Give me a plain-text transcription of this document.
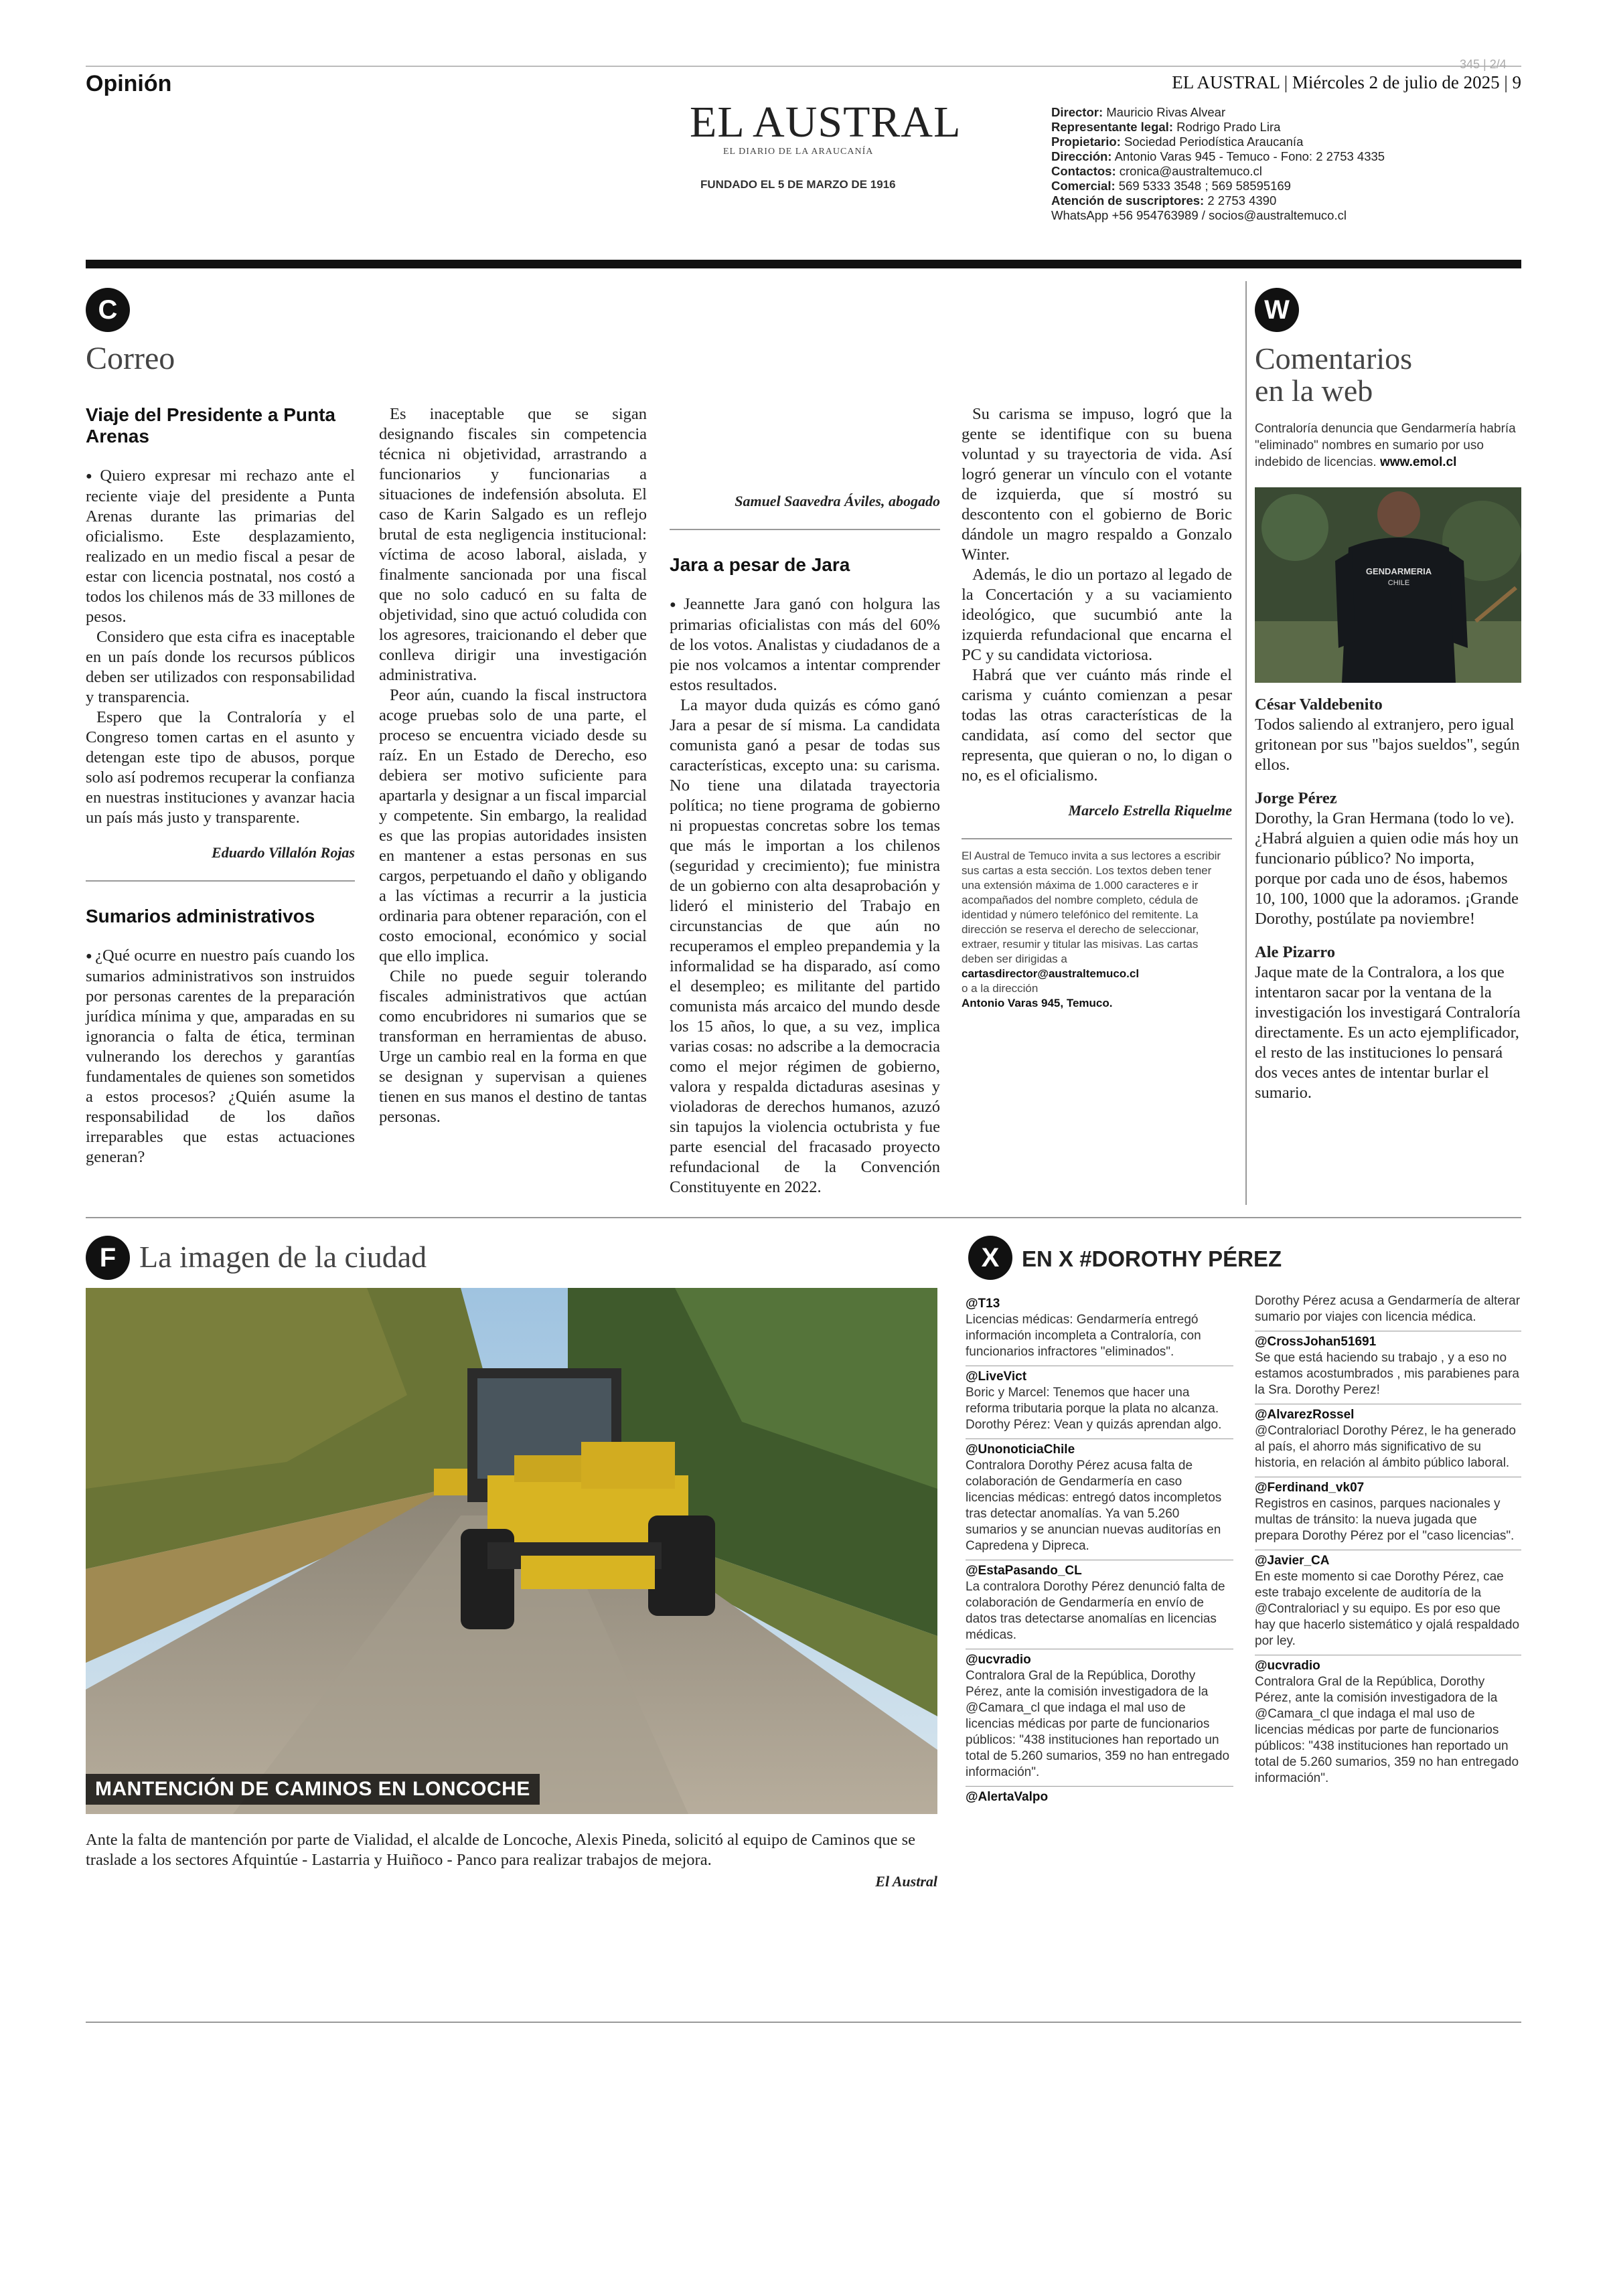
Opinión
345 | 2/4
EL AUSTRAL | Miércoles 2 de julio de 2025 | 9
EL AUSTRAL
EL DIARIO DE LA ARAUCANÍA
FUNDADO EL 5 DE MARZO DE 1916
Director: Mauricio Rivas Alvear
Representante legal: Rodrigo Prado Lira
Propietario: Sociedad Periodística Araucanía
Dirección: Antonio Varas 945 - Temuco - Fono: 2 2753 4335
Contactos: cronica@australtemuco.cl
Comercial: 569 5333 3548 ; 569 58595169
Atención de suscriptores: 2 2753 4390
WhatsApp +56 954763989 / socios@australtemuco.cl
C
Correo
Viaje del Presidente a Punta Arenas

● Quiero expresar mi rechazo ante el reciente viaje del presidente a Punta Arenas durante las primarias del oficialismo. Este desplazamiento, realizado en un medio fiscal a pesar de estar con licencia postnatal, nos costó a todos los chilenos más de 33 millones de pesos.

Considero que esta cifra es inaceptable en un país donde los recursos públicos deben ser utilizados con responsabilidad y transparencia.

Espero que la Contraloría y el Congreso tomen cartas en el asunto y detengan este tipo de abusos, porque solo así podremos recuperar la confianza en nuestras instituciones y avanzar hacia un país más justo y transparente.

Eduardo Villalón Rojas
Sumarios administrativos

● ¿Qué ocurre en nuestro país cuando los sumarios administrativos son instruidos por personas carentes de la preparación jurídica mínima y que, amparadas en su ignorancia o falta de ética, terminan vulnerando los derechos y garantías fundamentales de quienes son sometidos a estos procesos? ¿Quién asume la responsabilidad de los daños irreparables que estas actuaciones generan?

Es inaceptable que se sigan designando fiscales sin competencia técnica ni objetividad, arrastrando a funcionarios y funcionarias a situaciones de indefensión absoluta. El caso de Karin Salgado es un reflejo brutal de esta negligencia institucional: víctima de acoso laboral, aislada, y finalmente sancionada por una fiscal que no solo caducó en su falta de objetividad, sino que actuó coludida con los agresores, traicionando el deber que conlleva dirigir una investigación administrativa.

Peor aún, cuando la fiscal instructora acoge pruebas solo de una parte, el proceso se encuentra viciado desde su raíz. En un Estado de Derecho, eso debiera ser motivo suficiente para apartarla y designar a un fiscal imparcial y competente. Sin embargo, la realidad es que las propias autoridades insisten en mantener a estas personas en sus cargos, perpetuando el daño y obligando a las víctimas a recurrir a la justicia ordinaria para obtener reparación, con el costo emocional, económico y social que ello implica.

Chile no puede seguir tolerando fiscales administrativos que actúan como encubridores ni sumarios que se transforman en herramientas de abuso. Urge un cambio real en la forma en que se designan y supervisan a quienes tienen en sus manos el destino de tantas personas.

Samuel Saavedra Áviles, abogado
Jara a pesar de Jara

● Jeannette Jara ganó con holgura las primarias oficialistas con más del 60% de los votos. Analistas y ciudadanos de a pie nos volcamos a intentar comprender estos resultados.

La mayor duda quizás es cómo ganó Jara a pesar de sí misma. La candidata comunista ganó a pesar de todas sus características, excepto una: su carisma. No tiene una dilatada trayectoria política; no tiene programa de gobierno ni propuestas concretas sobre los temas que más le importan a los chilenos (seguridad y crecimiento); fue ministra de un gobierno con alta desaprobación y lideró el ministerio del Trabajo en circunstancias de que aún no recuperamos el empleo prepandemia y la informalidad se ha disparado, así como el desempleo; es militante del partido comunista más arcaico del mundo desde los 15 años, lo que, a su vez, implica varias cosas: no adscribe a la democracia como el mejor régimen de gobierno, valora y respalda dictaduras asesinas y violadoras de derechos humanos, azuzó sin tapujos la violencia octubrista y fue parte esencial del fracasado proyecto refundacional de la Convención Constituyente en 2022.

Su carisma se impuso, logró que la gente se identifique con su buena voluntad y su trayectoria de vida. Así logró generar un vínculo con el votante de izquierda, que sí mostró su descontento con el gobierno de Boric dándole un magro respaldo a Gonzalo Winter.

Además, le dio un portazo al legado de la Concertación y a su vaciamiento ideológico, que sucumbió ante la izquierda refundacional que encarna el PC y su candidata victoriosa.

Habrá que ver cuánto más rinde el carisma y cuánto comienzan a pesar todas las otras características de la candidata, así como del sector que representa, que quieran o no, lo digan o no, es el oficialismo.

Marcelo Estrella Riquelme
El Austral de Temuco invita a sus lectores a escribir sus cartas a esta sección. Los textos deben tener una extensión máxima de 1.000 caracteres e ir acompañados del nombre completo, cédula de identidad y número telefónico del remitente. La dirección se reserva el derecho de seleccionar, extraer, resumir y titular las misivas. Las cartas deben ser dirigidas a
cartasdirector@australtemuco.cl
o a la dirección
Antonio Varas 945, Temuco.
W
Comentarios
en la web
Contraloría denuncia que Gendarmería habría "eliminado" nombres en sumario por uso indebido de licencias. www.emol.cl
GENDARMERIA
CHILE
César Valdebenito
Todos saliendo al extranjero, pero igual gritonean por sus "bajos sueldos", según ellos.
Jorge Pérez
Dorothy, la Gran Hermana (todo lo ve). ¿Habrá alguien a quien odie más hoy un funcionario público? No importa, porque por cada uno de ésos, habemos 10, 100, 1000 que la adoramos. ¡Grande Dorothy, postúlate pa noviembre!
Ale Pizarro
Jaque mate de la Contralora, a los que intentaron sacar por la ventana de la investigación los investigará Contraloría directamente. Es un acto ejemplificador, el resto de las instituciones lo pensará dos veces antes de intentar burlar el sumario.
F La imagen de la ciudad
MANTENCIÓN DE CAMINOS EN LONCOCHE
Ante la falta de mantención por parte de Vialidad, el alcalde de Loncoche, Alexis Pineda, solicitó al equipo de Caminos que se traslade a los sectores Afquintúe - Lastarria y Huiñoco - Panco para realizar trabajos de mejora.
El Austral
X	EN X #DOROTHY PÉREZ
@T13
Licencias médicas: Gendarmería entregó información incompleta a Contraloría, con funcionarios infractores "eliminados".
@LiveVict
Boric y Marcel: Tenemos que hacer una reforma tributaria porque la plata no alcanza. Dorothy Pérez: Vean y quizás aprendan algo.
@UnonoticiaChile
Contralora Dorothy Pérez acusa falta de colaboración de Gendarmería en caso licencias médicas: entregó datos incompletos tras detectar anomalías. Ya van 5.260 sumarios y se anuncian nuevas auditorías en Capredena y Dipreca.
@EstaPasando_CL
La contralora Dorothy Pérez denunció falta de colaboración de Gendarmería en envío de datos tras detectarse anomalías en licencias médicas.
@ucvradio
Contralora Gral de la República, Dorothy Pérez, ante la comisión investigadora de la @Camara_cl que indaga el mal uso de licencias médicas por parte de funcionarios públicos: "438 instituciones han reportado un total de 5.260 sumarios, 359 no han entregado información".
@AlertaValpo
Dorothy Pérez acusa a Gendarmería de alterar sumario por viajes con licencia médica.
@CrossJohan51691
Se que está haciendo su trabajo , y a eso no estamos acostumbrados , mis parabienes para la Sra. Dorothy Perez!
@AlvarezRossel
@Contraloriacl Dorothy Pérez, le ha generado al país, el ahorro más significativo de su historia, en relación al ámbito público laboral.
@Ferdinand_vk07
Registros en casinos, parques nacionales y multas de tránsito: la nueva jugada que prepara Dorothy Pérez por el "caso licencias".
@Javier_CA
En este momento si cae Dorothy Pérez, cae este trabajo excelente de auditoría de la @Contraloriacl y su equipo. Es por eso que hay que hacerlo sistemático y ojalá respaldado por ley.
@ucvradio
Contralora Gral de la República, Dorothy Pérez, ante la comisión investigadora de la @Camara_cl que indaga el mal uso de licencias médicas por parte de funcionarios públicos: "438 instituciones han reportado un total de 5.260 sumarios, 359 no han entregado información".
